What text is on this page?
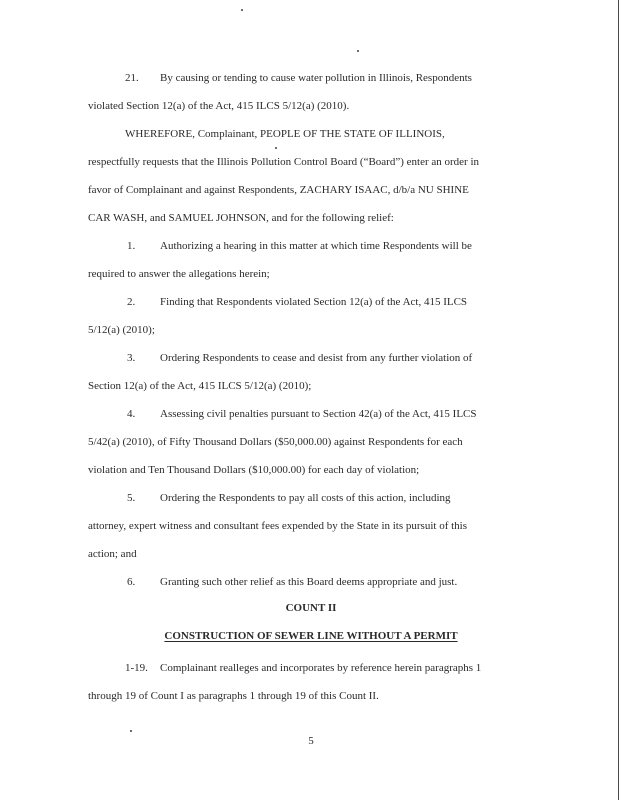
21. By causing or tending to cause water pollution in Illinois, Respondents
violated Section 12(a) of the Act, 415 ILCS 5/12(a) (2010).
WHEREFORE, Complainant, PEOPLE OF THE STATE OF ILLINOIS,
respectfully requests that the Illinois Pollution Control Board (“Board”) enter an order in
favor of Complainant and against Respondents, ZACHARY ISAAC, d/b/a NU SHINE
CAR WASH, and SAMUEL JOHNSON, and for the following relief:
1. Authorizing a hearing in this matter at which time Respondents will be
required to answer the allegations herein;
2. Finding that Respondents violated Section 12(a) of the Act, 415 ILCS
5/12(a) (2010);
3. Ordering Respondents to cease and desist from any further violation of
Section 12(a) of the Act, 415 ILCS 5/12(a) (2010);
4. Assessing civil penalties pursuant to Section 42(a) of the Act, 415 ILCS
5/42(a) (2010), of Fifty Thousand Dollars ($50,000.00) against Respondents for each
violation and Ten Thousand Dollars ($10,000.00) for each day of violation;
5. Ordering the Respondents to pay all costs of this action, including
attorney, expert witness and consultant fees expended by the State in its pursuit of this
action; and
6. Granting such other relief as this Board deems appropriate and just.
COUNT II
CONSTRUCTION OF SEWER LINE WITHOUT A PERMIT
1-19. Complainant realleges and incorporates by reference herein paragraphs 1
through 19 of Count I as paragraphs 1 through 19 of this Count II.
5
